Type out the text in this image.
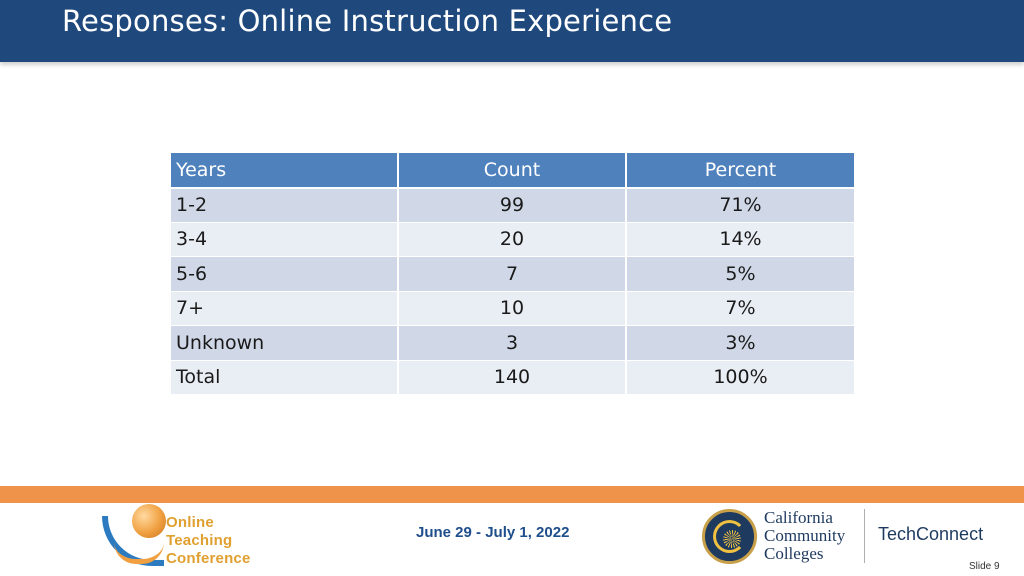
Responses: Online Instruction Experience
Years	Count	Percent
1-2	99	71%
3-4	20	14%
5-6	7	5%
7+	10	7%
Unknown	3	3%
Total	140	100%
Online
Teaching
Conference
June 29 - July 1, 2022
California
Community
Colleges
TechConnect
Slide 9
